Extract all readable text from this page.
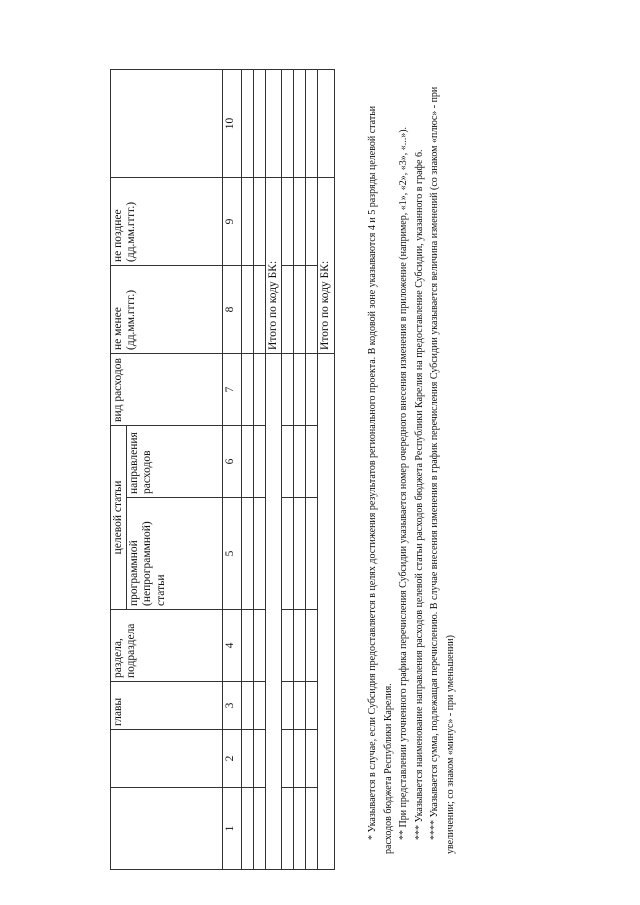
		главы	раздела, подраздела	целевой статьи		вид расходов	не менее (дд.мм.гггг.)	не позднее (дд.мм.гггг.)	
				программной (непрограммной) статьи	направления расходов				
1	2	3	4	5	6	7	8	9	10

							Итого по коду БК:		

							Итого по коду БК:			* Указывается в случае, если Субсидия предоставляется в целях достижения результатов регионального проекта. В кодовой зоне указываются 4 и 5 разряды целевой статьи расходов бюджета Республики Карелия. ** При представлении уточненного графика перечисления Субсидии указывается номер очередного внесения изменения в приложение (например, «1», «2», «3», «...»). *** Указывается наименование направления расходов целевой статьи расходов бюджета Республики Карелия на предоставление Субсидии, указанного в графе 6. **** Указывается сумма, подлежащая перечислению. В случае внесения изменения в график перечисления Субсидии указывается величина изменений (со знаком «плюс» - при увеличении; со знаком «минус» - при уменьшении)
